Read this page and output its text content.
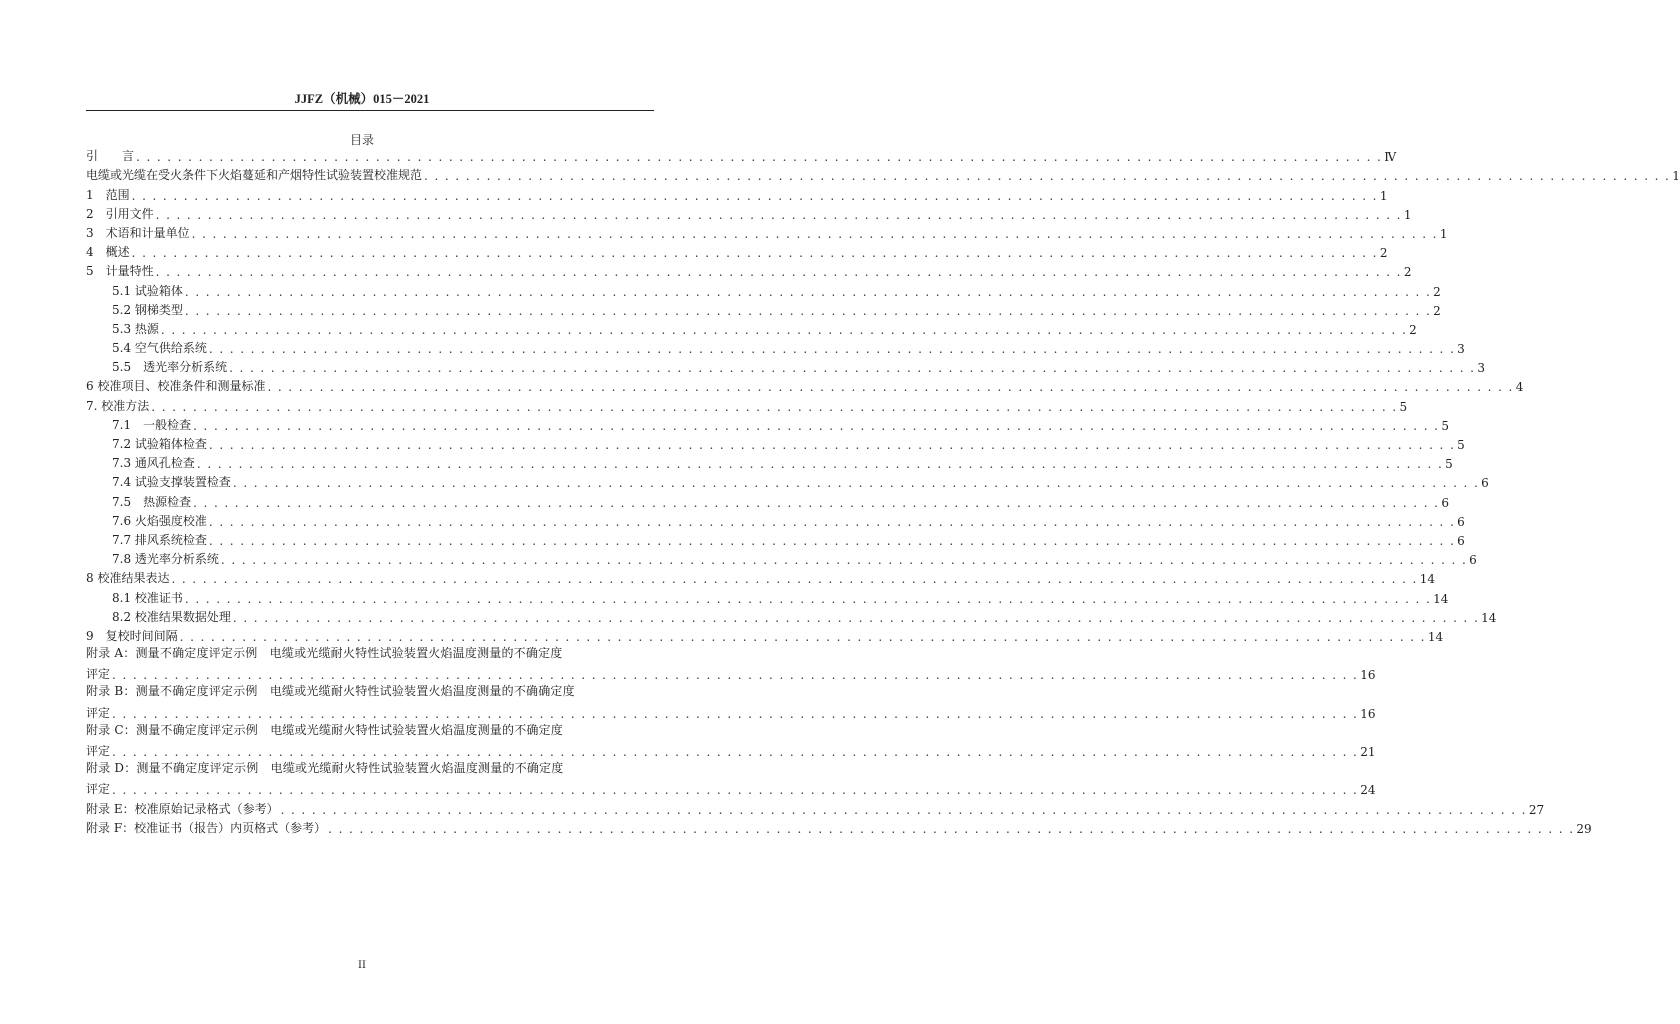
JJFZ（机械）015－2021
目录
引　　言 . . . . . . . . . . . . . . . . . . . . . . . . . . . . . . . . . . . . . . . . . . . . . . . . . . . . . . . . . . . . . . . . . . . . . . . . . . . . . . . . . . . . . . . . . . . . . . . . . . . . . . . . . . . . . . . . . . . . . . . . Ⅳ
电缆或光缆在受火条件下火焰蔓延和产烟特性试验装置校准规范 . . . . . . . . . . . . . . . . . . . . . . . . . . . . . . . . . . . . . . . . . . . . . . . . . . . . . . . . . . . . . . . . . . . . . . . . . . . . . . . . . . . . . . . . . . . . . . . . . . . . . . . . . . . . . . . . . . . . . . . . 1
1　范围 . . . . . . . . . . . . . . . . . . . . . . . . . . . . . . . . . . . . . . . . . . . . . . . . . . . . . . . . . . . . . . . . . . . . . . . . . . . . . . . . . . . . . . . . . . . . . . . . . . . . . . . . . . . . . . . . . . . . . . . . 1
2　引用文件 . . . . . . . . . . . . . . . . . . . . . . . . . . . . . . . . . . . . . . . . . . . . . . . . . . . . . . . . . . . . . . . . . . . . . . . . . . . . . . . . . . . . . . . . . . . . . . . . . . . . . . . . . . . . . . . . . . . . . . . . 1
3　术语和计量单位 . . . . . . . . . . . . . . . . . . . . . . . . . . . . . . . . . . . . . . . . . . . . . . . . . . . . . . . . . . . . . . . . . . . . . . . . . . . . . . . . . . . . . . . . . . . . . . . . . . . . . . . . . . . . . . . . . . . . . . . . 1
4　概述 . . . . . . . . . . . . . . . . . . . . . . . . . . . . . . . . . . . . . . . . . . . . . . . . . . . . . . . . . . . . . . . . . . . . . . . . . . . . . . . . . . . . . . . . . . . . . . . . . . . . . . . . . . . . . . . . . . . . . . . . 2
5　计量特性 . . . . . . . . . . . . . . . . . . . . . . . . . . . . . . . . . . . . . . . . . . . . . . . . . . . . . . . . . . . . . . . . . . . . . . . . . . . . . . . . . . . . . . . . . . . . . . . . . . . . . . . . . . . . . . . . . . . . . . . . 2
5.1 试验箱体 . . . . . . . . . . . . . . . . . . . . . . . . . . . . . . . . . . . . . . . . . . . . . . . . . . . . . . . . . . . . . . . . . . . . . . . . . . . . . . . . . . . . . . . . . . . . . . . . . . . . . . . . . . . . . . . . . . . . . . . . 2
5.2 钢梯类型 . . . . . . . . . . . . . . . . . . . . . . . . . . . . . . . . . . . . . . . . . . . . . . . . . . . . . . . . . . . . . . . . . . . . . . . . . . . . . . . . . . . . . . . . . . . . . . . . . . . . . . . . . . . . . . . . . . . . . . . . 2
5.3 热源 . . . . . . . . . . . . . . . . . . . . . . . . . . . . . . . . . . . . . . . . . . . . . . . . . . . . . . . . . . . . . . . . . . . . . . . . . . . . . . . . . . . . . . . . . . . . . . . . . . . . . . . . . . . . . . . . . . . . . . . . 2
5.4 空气供给系统 . . . . . . . . . . . . . . . . . . . . . . . . . . . . . . . . . . . . . . . . . . . . . . . . . . . . . . . . . . . . . . . . . . . . . . . . . . . . . . . . . . . . . . . . . . . . . . . . . . . . . . . . . . . . . . . . . . . . . . . . 3
5.5　透光率分析系统 . . . . . . . . . . . . . . . . . . . . . . . . . . . . . . . . . . . . . . . . . . . . . . . . . . . . . . . . . . . . . . . . . . . . . . . . . . . . . . . . . . . . . . . . . . . . . . . . . . . . . . . . . . . . . . . . . . . . . . . . 3
6 校准项目、校准条件和测量标准 . . . . . . . . . . . . . . . . . . . . . . . . . . . . . . . . . . . . . . . . . . . . . . . . . . . . . . . . . . . . . . . . . . . . . . . . . . . . . . . . . . . . . . . . . . . . . . . . . . . . . . . . . . . . . . . . . . . . . . . . 4
7. 校准方法 . . . . . . . . . . . . . . . . . . . . . . . . . . . . . . . . . . . . . . . . . . . . . . . . . . . . . . . . . . . . . . . . . . . . . . . . . . . . . . . . . . . . . . . . . . . . . . . . . . . . . . . . . . . . . . . . . . . . . . . . 5
7.1　一般检查 . . . . . . . . . . . . . . . . . . . . . . . . . . . . . . . . . . . . . . . . . . . . . . . . . . . . . . . . . . . . . . . . . . . . . . . . . . . . . . . . . . . . . . . . . . . . . . . . . . . . . . . . . . . . . . . . . . . . . . . . 5
7.2 试验箱体检查 . . . . . . . . . . . . . . . . . . . . . . . . . . . . . . . . . . . . . . . . . . . . . . . . . . . . . . . . . . . . . . . . . . . . . . . . . . . . . . . . . . . . . . . . . . . . . . . . . . . . . . . . . . . . . . . . . . . . . . . . 5
7.3 通风孔检查 . . . . . . . . . . . . . . . . . . . . . . . . . . . . . . . . . . . . . . . . . . . . . . . . . . . . . . . . . . . . . . . . . . . . . . . . . . . . . . . . . . . . . . . . . . . . . . . . . . . . . . . . . . . . . . . . . . . . . . . . 5
7.4 试验支撑装置检查 . . . . . . . . . . . . . . . . . . . . . . . . . . . . . . . . . . . . . . . . . . . . . . . . . . . . . . . . . . . . . . . . . . . . . . . . . . . . . . . . . . . . . . . . . . . . . . . . . . . . . . . . . . . . . . . . . . . . . . . . 6
7.5　热源检查 . . . . . . . . . . . . . . . . . . . . . . . . . . . . . . . . . . . . . . . . . . . . . . . . . . . . . . . . . . . . . . . . . . . . . . . . . . . . . . . . . . . . . . . . . . . . . . . . . . . . . . . . . . . . . . . . . . . . . . . . 6
7.6 火焰强度校准 . . . . . . . . . . . . . . . . . . . . . . . . . . . . . . . . . . . . . . . . . . . . . . . . . . . . . . . . . . . . . . . . . . . . . . . . . . . . . . . . . . . . . . . . . . . . . . . . . . . . . . . . . . . . . . . . . . . . . . . . 6
7.7 排风系统检查 . . . . . . . . . . . . . . . . . . . . . . . . . . . . . . . . . . . . . . . . . . . . . . . . . . . . . . . . . . . . . . . . . . . . . . . . . . . . . . . . . . . . . . . . . . . . . . . . . . . . . . . . . . . . . . . . . . . . . . . . 6
7.8 透光率分析系统 . . . . . . . . . . . . . . . . . . . . . . . . . . . . . . . . . . . . . . . . . . . . . . . . . . . . . . . . . . . . . . . . . . . . . . . . . . . . . . . . . . . . . . . . . . . . . . . . . . . . . . . . . . . . . . . . . . . . . . . . 6
8 校准结果表达 . . . . . . . . . . . . . . . . . . . . . . . . . . . . . . . . . . . . . . . . . . . . . . . . . . . . . . . . . . . . . . . . . . . . . . . . . . . . . . . . . . . . . . . . . . . . . . . . . . . . . . . . . . . . . . . . . . . . . . . . 14
8.1 校准证书 . . . . . . . . . . . . . . . . . . . . . . . . . . . . . . . . . . . . . . . . . . . . . . . . . . . . . . . . . . . . . . . . . . . . . . . . . . . . . . . . . . . . . . . . . . . . . . . . . . . . . . . . . . . . . . . . . . . . . . . . 14
8.2 校准结果数据处理 . . . . . . . . . . . . . . . . . . . . . . . . . . . . . . . . . . . . . . . . . . . . . . . . . . . . . . . . . . . . . . . . . . . . . . . . . . . . . . . . . . . . . . . . . . . . . . . . . . . . . . . . . . . . . . . . . . . . . . . . 14
9　复校时间间隔 . . . . . . . . . . . . . . . . . . . . . . . . . . . . . . . . . . . . . . . . . . . . . . . . . . . . . . . . . . . . . . . . . . . . . . . . . . . . . . . . . . . . . . . . . . . . . . . . . . . . . . . . . . . . . . . . . . . . . . . . 14
附录 A：测量不确定度评定示例　电缆或光缆耐火特性试验装置火焰温度测量的不确定度
评定 . . . . . . . . . . . . . . . . . . . . . . . . . . . . . . . . . . . . . . . . . . . . . . . . . . . . . . . . . . . . . . . . . . . . . . . . . . . . . . . . . . . . . . . . . . . . . . . . . . . . . . . . . . . . . . . . . . . . . . . . 16
附录 B：测量不确定度评定示例　电缆或光缆耐火特性试验装置火焰温度测量的不确确定度
评定 . . . . . . . . . . . . . . . . . . . . . . . . . . . . . . . . . . . . . . . . . . . . . . . . . . . . . . . . . . . . . . . . . . . . . . . . . . . . . . . . . . . . . . . . . . . . . . . . . . . . . . . . . . . . . . . . . . . . . . . . 16
附录 C：测量不确定度评定示例　电缆或光缆耐火特性试验装置火焰温度测量的不确定度
评定 . . . . . . . . . . . . . . . . . . . . . . . . . . . . . . . . . . . . . . . . . . . . . . . . . . . . . . . . . . . . . . . . . . . . . . . . . . . . . . . . . . . . . . . . . . . . . . . . . . . . . . . . . . . . . . . . . . . . . . . . 21
附录 D：测量不确定度评定示例　电缆或光缆耐火特性试验装置火焰温度测量的不确定度
评定 . . . . . . . . . . . . . . . . . . . . . . . . . . . . . . . . . . . . . . . . . . . . . . . . . . . . . . . . . . . . . . . . . . . . . . . . . . . . . . . . . . . . . . . . . . . . . . . . . . . . . . . . . . . . . . . . . . . . . . . . 24
附录 E：校准原始记录格式（参考） . . . . . . . . . . . . . . . . . . . . . . . . . . . . . . . . . . . . . . . . . . . . . . . . . . . . . . . . . . . . . . . . . . . . . . . . . . . . . . . . . . . . . . . . . . . . . . . . . . . . . . . . . . . . . . . . . . . . . . . . 27
附录 F：校准证书（报告）内页格式（参考） . . . . . . . . . . . . . . . . . . . . . . . . . . . . . . . . . . . . . . . . . . . . . . . . . . . . . . . . . . . . . . . . . . . . . . . . . . . . . . . . . . . . . . . . . . . . . . . . . . . . . . . . . . . . . . . . . . . . . . . . 29
II
